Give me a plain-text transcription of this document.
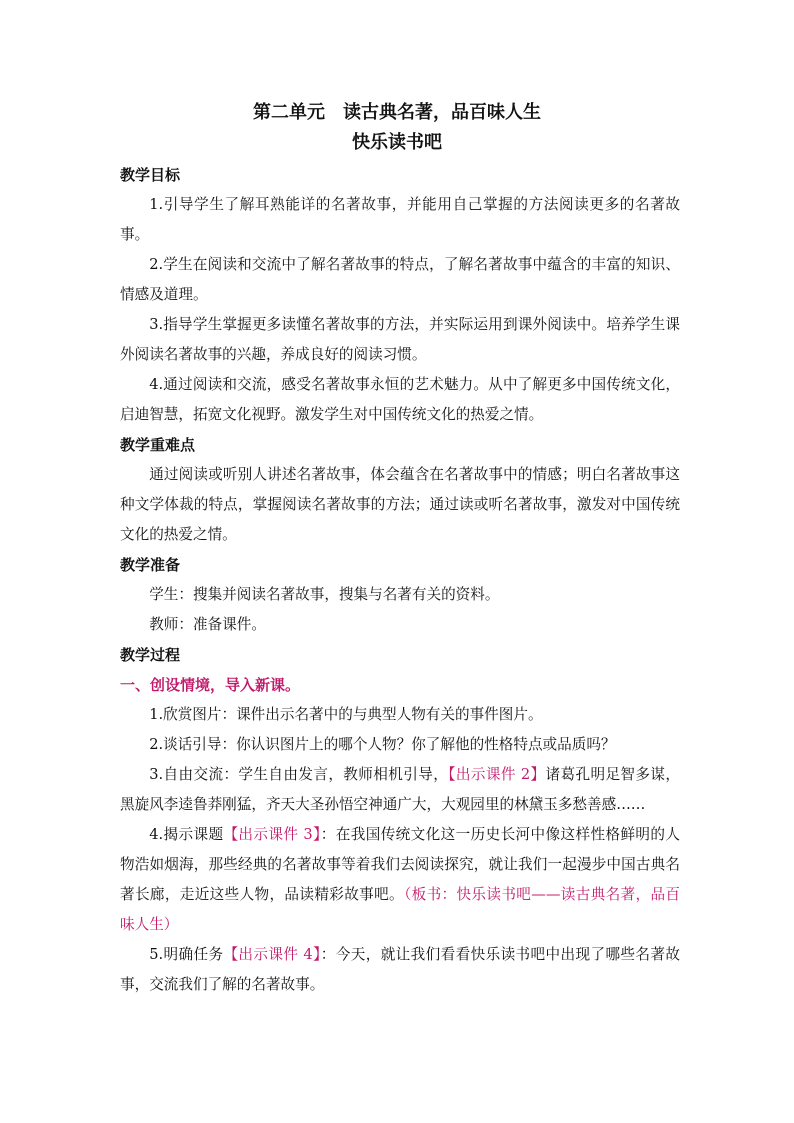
第二单元　读古典名著，品百味人生
快乐读书吧

教学目标

1.引导学生了解耳熟能详的名著故事，并能用自己掌握的方法阅读更多的名著故事。

2.学生在阅读和交流中了解名著故事的特点，了解名著故事中蕴含的丰富的知识、情感及道理。

3.指导学生掌握更多读懂名著故事的方法，并实际运用到课外阅读中。培养学生课外阅读名著故事的兴趣，养成良好的阅读习惯。

4.通过阅读和交流，感受名著故事永恒的艺术魅力。从中了解更多中国传统文化，启迪智慧，拓宽文化视野。激发学生对中国传统文化的热爱之情。

教学重难点

通过阅读或听别人讲述名著故事，体会蕴含在名著故事中的情感；明白名著故事这种文学体裁的特点，掌握阅读名著故事的方法；通过读或听名著故事，激发对中国传统文化的热爱之情。

教学准备

学生：搜集并阅读名著故事，搜集与名著有关的资料。

教师：准备课件。

教学过程

一、创设情境，导入新课。

1.欣赏图片：课件出示名著中的与典型人物有关的事件图片。

2.谈话引导：你认识图片上的哪个人物？你了解他的性格特点或品质吗？

3.自由交流：学生自由发言，教师相机引导，【出示课件 2】诸葛孔明足智多谋，黑旋风李逵鲁莽刚猛，齐天大圣孙悟空神通广大，大观园里的林黛玉多愁善感……

4.揭示课题【出示课件 3】：在我国传统文化这一历史长河中像这样性格鲜明的人物浩如烟海，那些经典的名著故事等着我们去阅读探究，就让我们一起漫步中国古典名著长廊，走近这些人物，品读精彩故事吧。（板书：快乐读书吧——读古典名著，品百味人生）

5.明确任务【出示课件 4】：今天，就让我们看看快乐读书吧中出现了哪些名著故事，交流我们了解的名著故事。
